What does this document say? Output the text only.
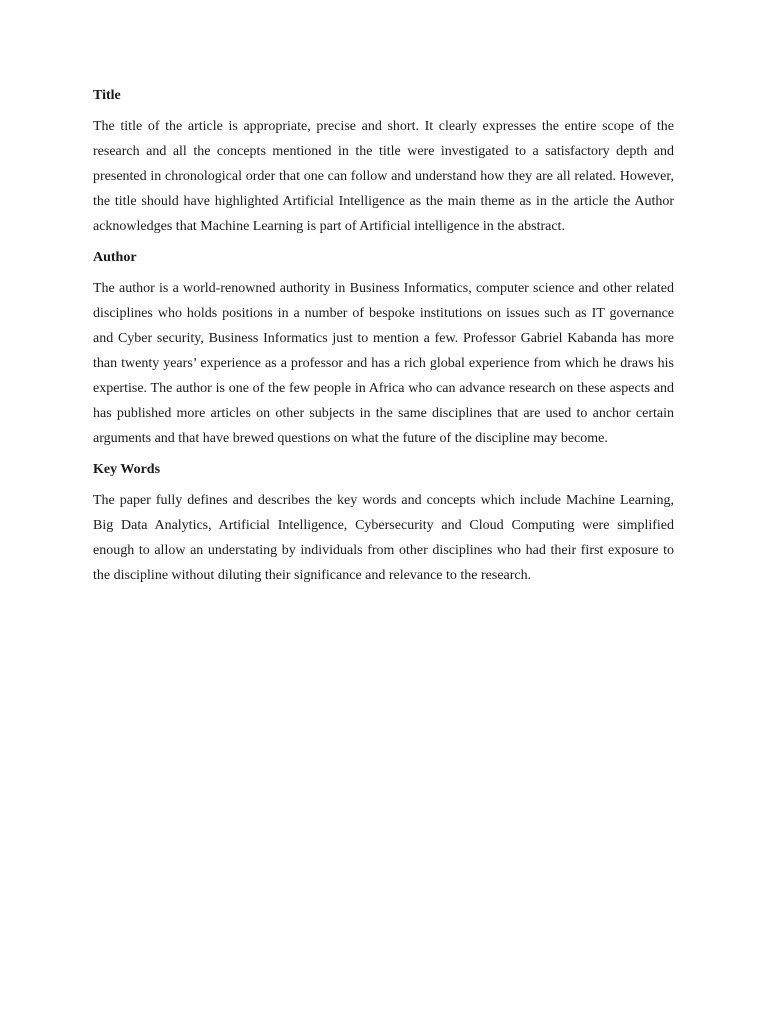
Title

The title of the article is appropriate, precise and short. It clearly expresses the entire scope of the research and all the concepts mentioned in the title were investigated to a satisfactory depth and presented in chronological order that one can follow and understand how they are all related. However, the title should have highlighted Artificial Intelligence as the main theme as in the article the Author acknowledges that Machine Learning is part of Artificial intelligence in the abstract.

Author

The author is a world-renowned authority in Business Informatics, computer science and other related disciplines who holds positions in a number of bespoke institutions on issues such as IT governance and Cyber security, Business Informatics just to mention a few. Professor Gabriel Kabanda has more than twenty years’ experience as a professor and has a rich global experience from which he draws his expertise. The author is one of the few people in Africa who can advance research on these aspects and has published more articles on other subjects in the same disciplines that are used to anchor certain arguments and that have brewed questions on what the future of the discipline may become.

Key Words

The paper fully defines and describes the key words and concepts which include Machine Learning, Big Data Analytics, Artificial Intelligence, Cybersecurity and Cloud Computing were simplified enough to allow an understating by individuals from other disciplines who had their first exposure to the discipline without diluting their significance and relevance to the research.
